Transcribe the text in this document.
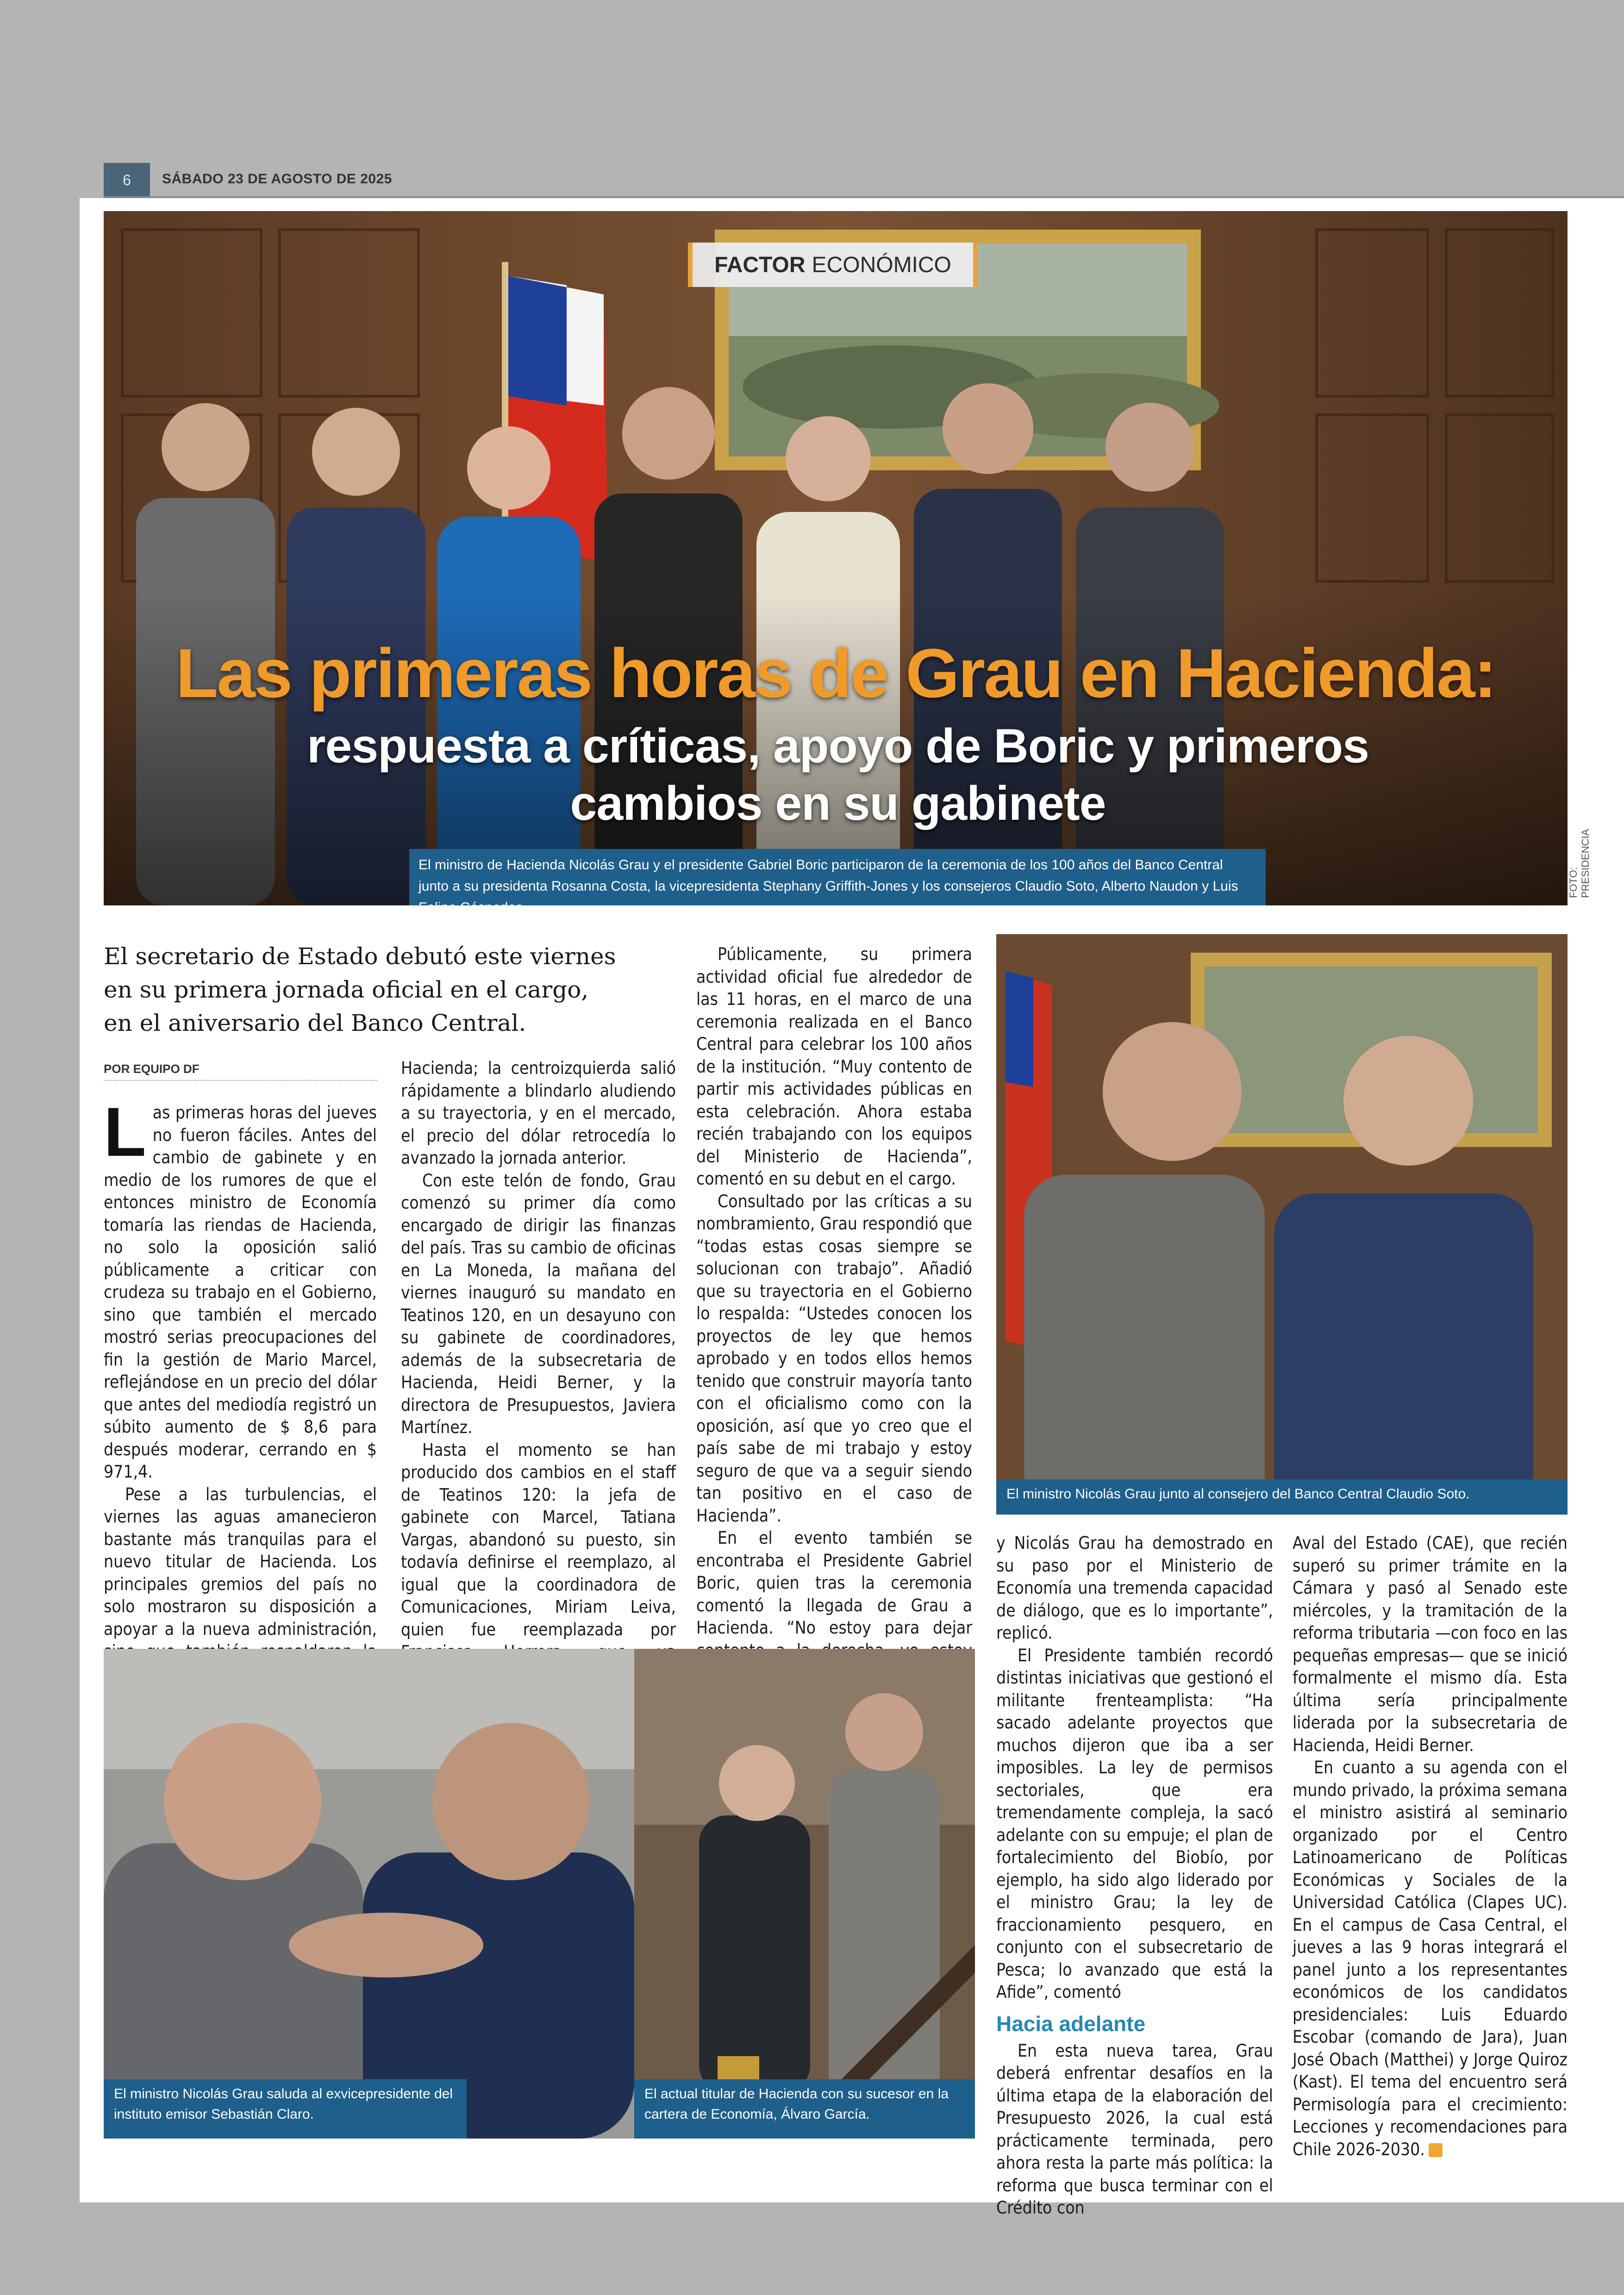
6	SÁBADO 23 DE AGOSTO DE 2025
FACTOR ECONÓMICO
Las primeras horas de Grau en Hacienda:
respuesta a críticas, apoyo de Boric y primeros
cambios en su gabinete
El ministro de Hacienda Nicolás Grau y el presidente Gabriel Boric participaron de la ceremonia de los 100 años del Banco Central junto a su presidenta Rosanna Costa, la vicepresidenta Stephany Griffith-Jones y los consejeros Claudio Soto, Alberto Naudon y Luis Felipe Céspedes.
FOTO: PRESIDENCIA
El secretario de Estado debutó este viernes en su primera jornada oficial en el cargo, en el aniversario del Banco Central.
POR EQUIPO DF

Las primeras horas del jueves no fueron fáciles. Antes del cambio de gabinete y en medio de los rumores de que el entonces ministro de Economía tomaría las riendas de Hacienda, no solo la oposición salió públicamente a criticar con crudeza su trabajo en el Gobierno, sino que también el mercado mostró serias preocupaciones del fin la gestión de Mario Marcel, reflejándose en un precio del dólar que antes del mediodía registró un súbito aumento de $ 8,6 para después moderar, cerrando en $ 971,4.

Pese a las turbulencias, el viernes las aguas amanecieron bastante más tranquilas para el nuevo titular de Hacienda. Los principales gremios del país no solo mostraron su disposición a apoyar a la nueva administración,

Hacienda; la centroizquierda salió rápidamente a blindarlo aludiendo a su trayectoria, y en el mercado, el precio del dólar retrocedía lo avanzado la jornada anterior.

Con este telón de fondo, Grau comenzó su primer día como encargado de dirigir las finanzas del país. Tras su cambio de oficinas en La Moneda, la mañana del viernes inauguró su mandato en Teatinos 120, en un desayuno con su gabinete de coordinadores, además de la subsecretaria de Hacienda, Heidi Berner, y la directora de Presupuestos, Javiera Martínez.

Hasta el momento se han producido dos cambios en el staff de Teatinos 120: la jefa de gabinete con Marcel, Tatiana Vargas, abandonó su puesto, sin todavía definirse el reemplazo, al igual que la coordinadora de Comunicaciones, Miriam Leiva, quien fue reemplazada por

Públicamente, su primera actividad oficial fue alrededor de las 11 horas, en el marco de una ceremonia realizada en el Banco Central para celebrar los 100 años de la institución. “Muy contento de partir mis actividades públicas en esta celebración. Ahora estaba recién trabajando con los equipos del Ministerio de Hacienda”, comentó en su debut en el cargo.

Consultado por las críticas a su nombramiento, Grau respondió que “todas estas cosas siempre se solucionan con trabajo”. Añadió que su trayectoria en el Gobierno lo respalda: “Ustedes conocen los proyectos de ley que hemos aprobado y en todos ellos hemos tenido que construir mayoría tanto con el oficialismo como con la oposición, así que yo creo que el país sabe de mi trabajo y estoy seguro de que va a seguir siendo tan positivo en el caso de Hacienda”.

En el evento también se encontraba el Presidente Gabriel Boric, quien tras la ceremonia comentó la llegada de Grau a Hacienda. “No estoy para dejar

El ministro Nicolás Grau junto al consejero del Banco Central Claudio Soto.
El ministro Nicolás Grau saluda al exvicepresidente del instituto emisor Sebastián Claro.
El actual titular de Hacienda con su sucesor en la cartera de Economía, Álvaro García.

y Nicolás Grau ha demostrado en su paso por el Ministerio de Economía una tremenda capacidad de diálogo, que es lo importante”, replicó.

El Presidente también recordó distintas iniciativas que gestionó el militante frenteamplista: “Ha sacado adelante proyectos que muchos dijeron que iba a ser imposibles. La ley de permisos sectoriales, que era tremendamente compleja, la sacó adelante con su empuje; el plan de fortalecimiento del Biobío, por ejemplo, ha sido algo liderado por el ministro Grau; la ley de fraccionamiento pesquero, en conjunto con el subsecretario de Pesca; lo avanzado que está la Afide”, comentó

Hacia adelante

En esta nueva tarea, Grau deberá enfrentar desafíos en la última etapa de la elaboración del Presupuesto 2026, la cual está prácticamente terminada, pero ahora resta la parte más política: la reforma que busca terminar con el Crédito con

Aval del Estado (CAE), que recién superó su primer trámite en la Cámara y pasó al Senado este miércoles, y la tramitación de la reforma tributaria —con foco en las pequeñas empresas— que se inició formalmente el mismo día. Esta última sería principalmente liderada por la subsecretaria de Hacienda, Heidi Berner.

En cuanto a su agenda con el mundo privado, la próxima semana el ministro asistirá al seminario organizado por el Centro Latinoamericano de Políticas Económicas y Sociales de la Universidad Católica (Clapes UC). En el campus de Casa Central, el jueves a las 9 horas integrará el panel junto a los representantes económicos de los candidatos presidenciales: Luis Eduardo Escobar (comando de Jara), Juan José Obach (Matthei) y Jorge Quiroz (Kast). El tema del encuentro será Permisología para el crecimiento: Lecciones y recomendaciones para Chile 2026-2030.
